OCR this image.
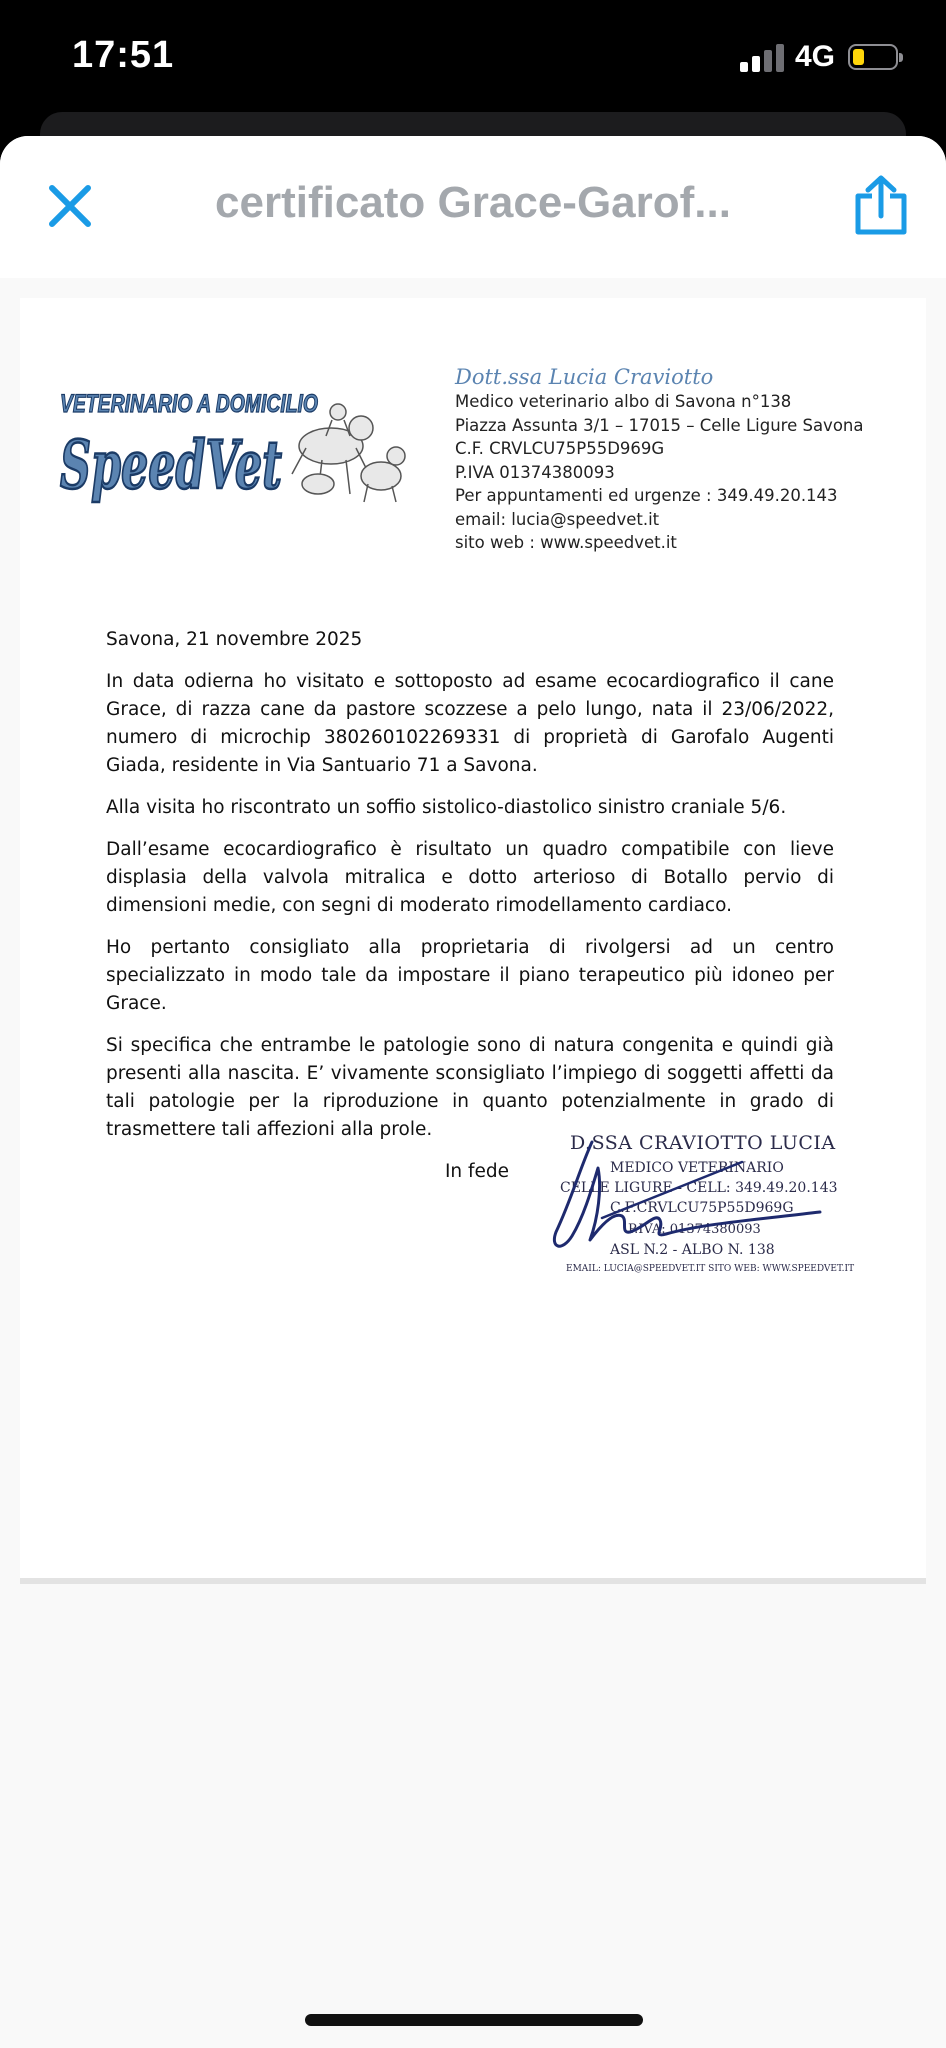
17:51	4G
certificato Grace-Garof...
VETERINARIO A DOMICILIO
SpeedVet
Dott.ssa Lucia Craviotto
Medico veterinario albo di Savona n°138
Piazza Assunta 3/1 – 17015 – Celle Ligure Savona
C.F. CRVLCU75P55D969G
P.IVA 01374380093
Per appuntamenti ed urgenze : 349.49.20.143
email: lucia@speedvet.it
sito web : www.speedvet.it

Savona, 21 novembre 2025

In data odierna ho visitato e sottoposto ad esame ecocardiografico il cane Grace, di razza cane da pastore scozzese a pelo lungo, nata il 23/06/2022, numero di microchip 380260102269331 di proprietà di Garofalo Augenti Giada, residente in Via Santuario 71 a Savona.

Alla visita ho riscontrato un soffio sistolico-diastolico sinistro craniale 5/6.

Dall’esame ecocardiografico è risultato un quadro compatibile con lieve displasia della valvola mitralica e dotto arterioso di Botallo pervio di dimensioni medie, con segni di moderato rimodellamento cardiaco.

Ho pertanto consigliato alla proprietaria di rivolgersi ad un centro specializzato in modo tale da impostare il piano terapeutico più idoneo per Grace.

Si specifica che entrambe le patologie sono di natura congenita e quindi già presenti alla nascita. E’ vivamente sconsigliato l’impiego di soggetti affetti da tali patologie per la riproduzione in quanto potenzialmente in grado di trasmettere tali affezioni alla prole.

In fede

D.SSA CRAVIOTTO LUCIA
MEDICO VETERINARIO
CELLE LIGURE - CELL: 349.49.20.143
C.F.CRVLCU75P55D969G
P.IVA: 01374380093
ASL N.2 - ALBO N. 138
EMAIL: LUCIA@SPEEDVET.IT SITO WEB: WWW.SPEEDVET.IT
